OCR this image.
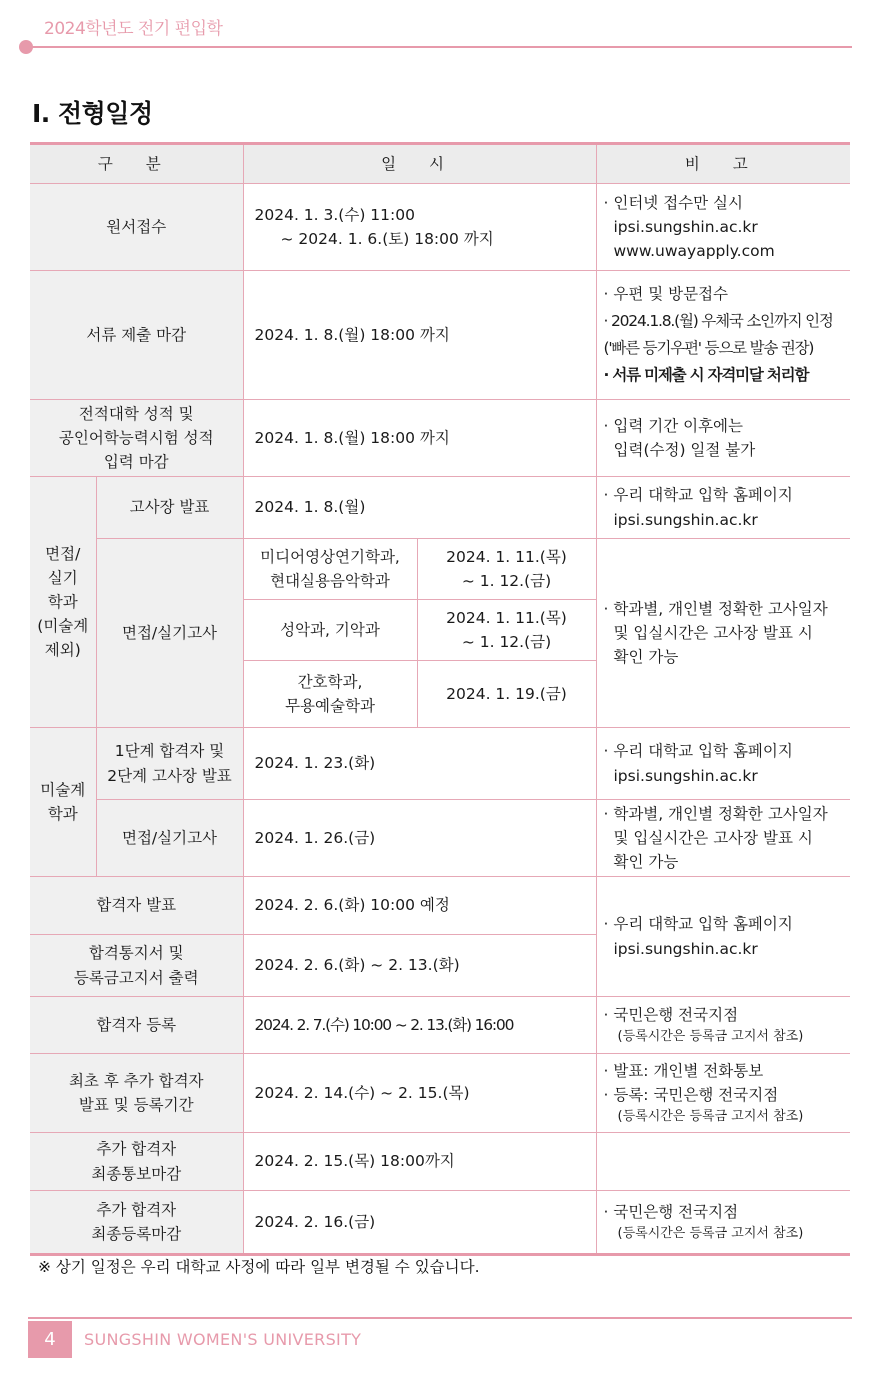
2024학년도 전기 편입학
Ⅰ. 전형일정
구 분		일 시		비 고
원서접수		2024. 1. 3.(수) 11:00
~ 2024. 1. 6.(토) 18:00 까지		· 인터넷 접수만 실시
ipsi.sungshin.ac.kr
www.uwayapply.com

서류 제출 마감		2024. 1. 8.(월) 18:00 까지		· 우편 및 방문접수
· 2024.1.8.(월) 우체국 소인까지 인정
('빠른 등기우편' 등으로 발송 권장)
· 서류 미제출 시 자격미달 처리함

전적대학 성적 및
공인어학능력시험 성적
입력 마감		2024. 1. 8.(월) 18:00 까지		· 입력 기간 이후에는
입력(수정) 일절 불가

면접/
실기
학과
(미술계
제외)	고사장 발표	2024. 1. 8.(월)		· 우리 대학교 입학 홈페이지
ipsi.sungshin.ac.kr

	면접/실기고사	미디어영상연기학과,
현대실용음악학과	2024. 1. 11.(목)
~ 1. 12.(금)	· 학과별, 개인별 정확한 고사일자
및 입실시간은 고사장 발표 시
확인 가능

		성악과, 기악과	2024. 1. 11.(목)
~ 1. 12.(금)	

		간호학과,
무용예술학과	2024. 1. 19.(금)	

미술계
학과	1단계 합격자 및
2단계 고사장 발표	2024. 1. 23.(화)		· 우리 대학교 입학 홈페이지
ipsi.sungshin.ac.kr

	면접/실기고사	2024. 1. 26.(금)		· 학과별, 개인별 정확한 고사일자
및 입실시간은 고사장 발표 시
확인 가능

합격자 발표		2024. 2. 6.(화) 10:00 예정		· 우리 대학교 입학 홈페이지
ipsi.sungshin.ac.kr

합격통지서 및
등록금고지서 출력		2024. 2. 6.(화) ~ 2. 13.(화)		
합격자 등록		2024. 2. 7.(수) 10:00 ~ 2. 13.(화) 16:00		· 국민은행 전국지점
(등록시간은 등록금 고지서 참조)

최초 후 추가 합격자
발표 및 등록기간		2024. 2. 14.(수) ~ 2. 15.(목)		· 발표: 개인별 전화통보
· 등록: 국민은행 전국지점
(등록시간은 등록금 고지서 참조)

추가 합격자
최종통보마감		2024. 2. 15.(목) 18:00까지		

추가 합격자
최종등록마감		2024. 2. 16.(금)		· 국민은행 전국지점
(등록시간은 등록금 고지서 참조)
※ 상기 일정은 우리 대학교 사정에 따라 일부 변경될 수 있습니다.
4	SUNGSHIN WOMEN'S UNIVERSITY
